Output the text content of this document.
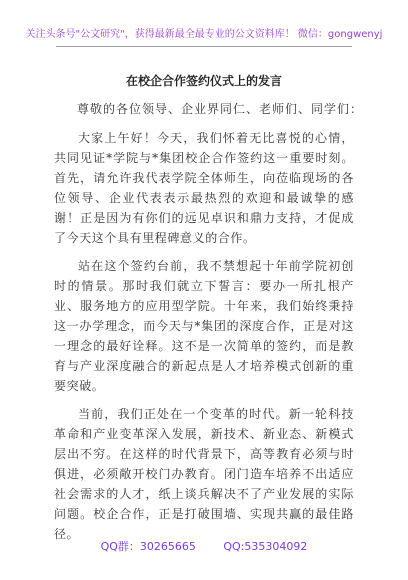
关注头条号"公文研究"，获得最新最全最专业的公文资料库！ 微信：gongwenyj
在校企合作签约仪式上的发言
尊敬的各位领导、企业界同仁、老师们、同学们：

大家上午好！今天，我们怀着无比喜悦的心情，共同见证*学院与*集团校企合作签约这一重要时刻。首先，请允许我代表学院全体师生，向莅临现场的各位领导、企业代表表示最热烈的欢迎和最诚挚的感谢！正是因为有你们的远见卓识和鼎力支持，才促成了今天这个具有里程碑意义的合作。

站在这个签约台前，我不禁想起十年前学院初创时的情景。那时我们就立下誓言：要办一所扎根产业、服务地方的应用型学院。十年来，我们始终秉持这一办学理念，而今天与*集团的深度合作，正是对这一理念的最好诠释。这不是一次简单的签约，而是教育与产业深度融合的新起点是人才培养模式创新的重要突破。

当前，我们正处在一个变革的时代。新一轮科技革命和产业变革深入发展，新技术、新业态、新模式层出不穷。在这样的时代背景下，高等教育必须与时俱进，必须敞开校门办教育。闭门造车培养不出适应社会需求的人才，纸上谈兵解决不了产业发展的实际问题。校企合作，正是打破围墙、实现共赢的最佳路径。

QQ群：30265665	QQ:535304092
